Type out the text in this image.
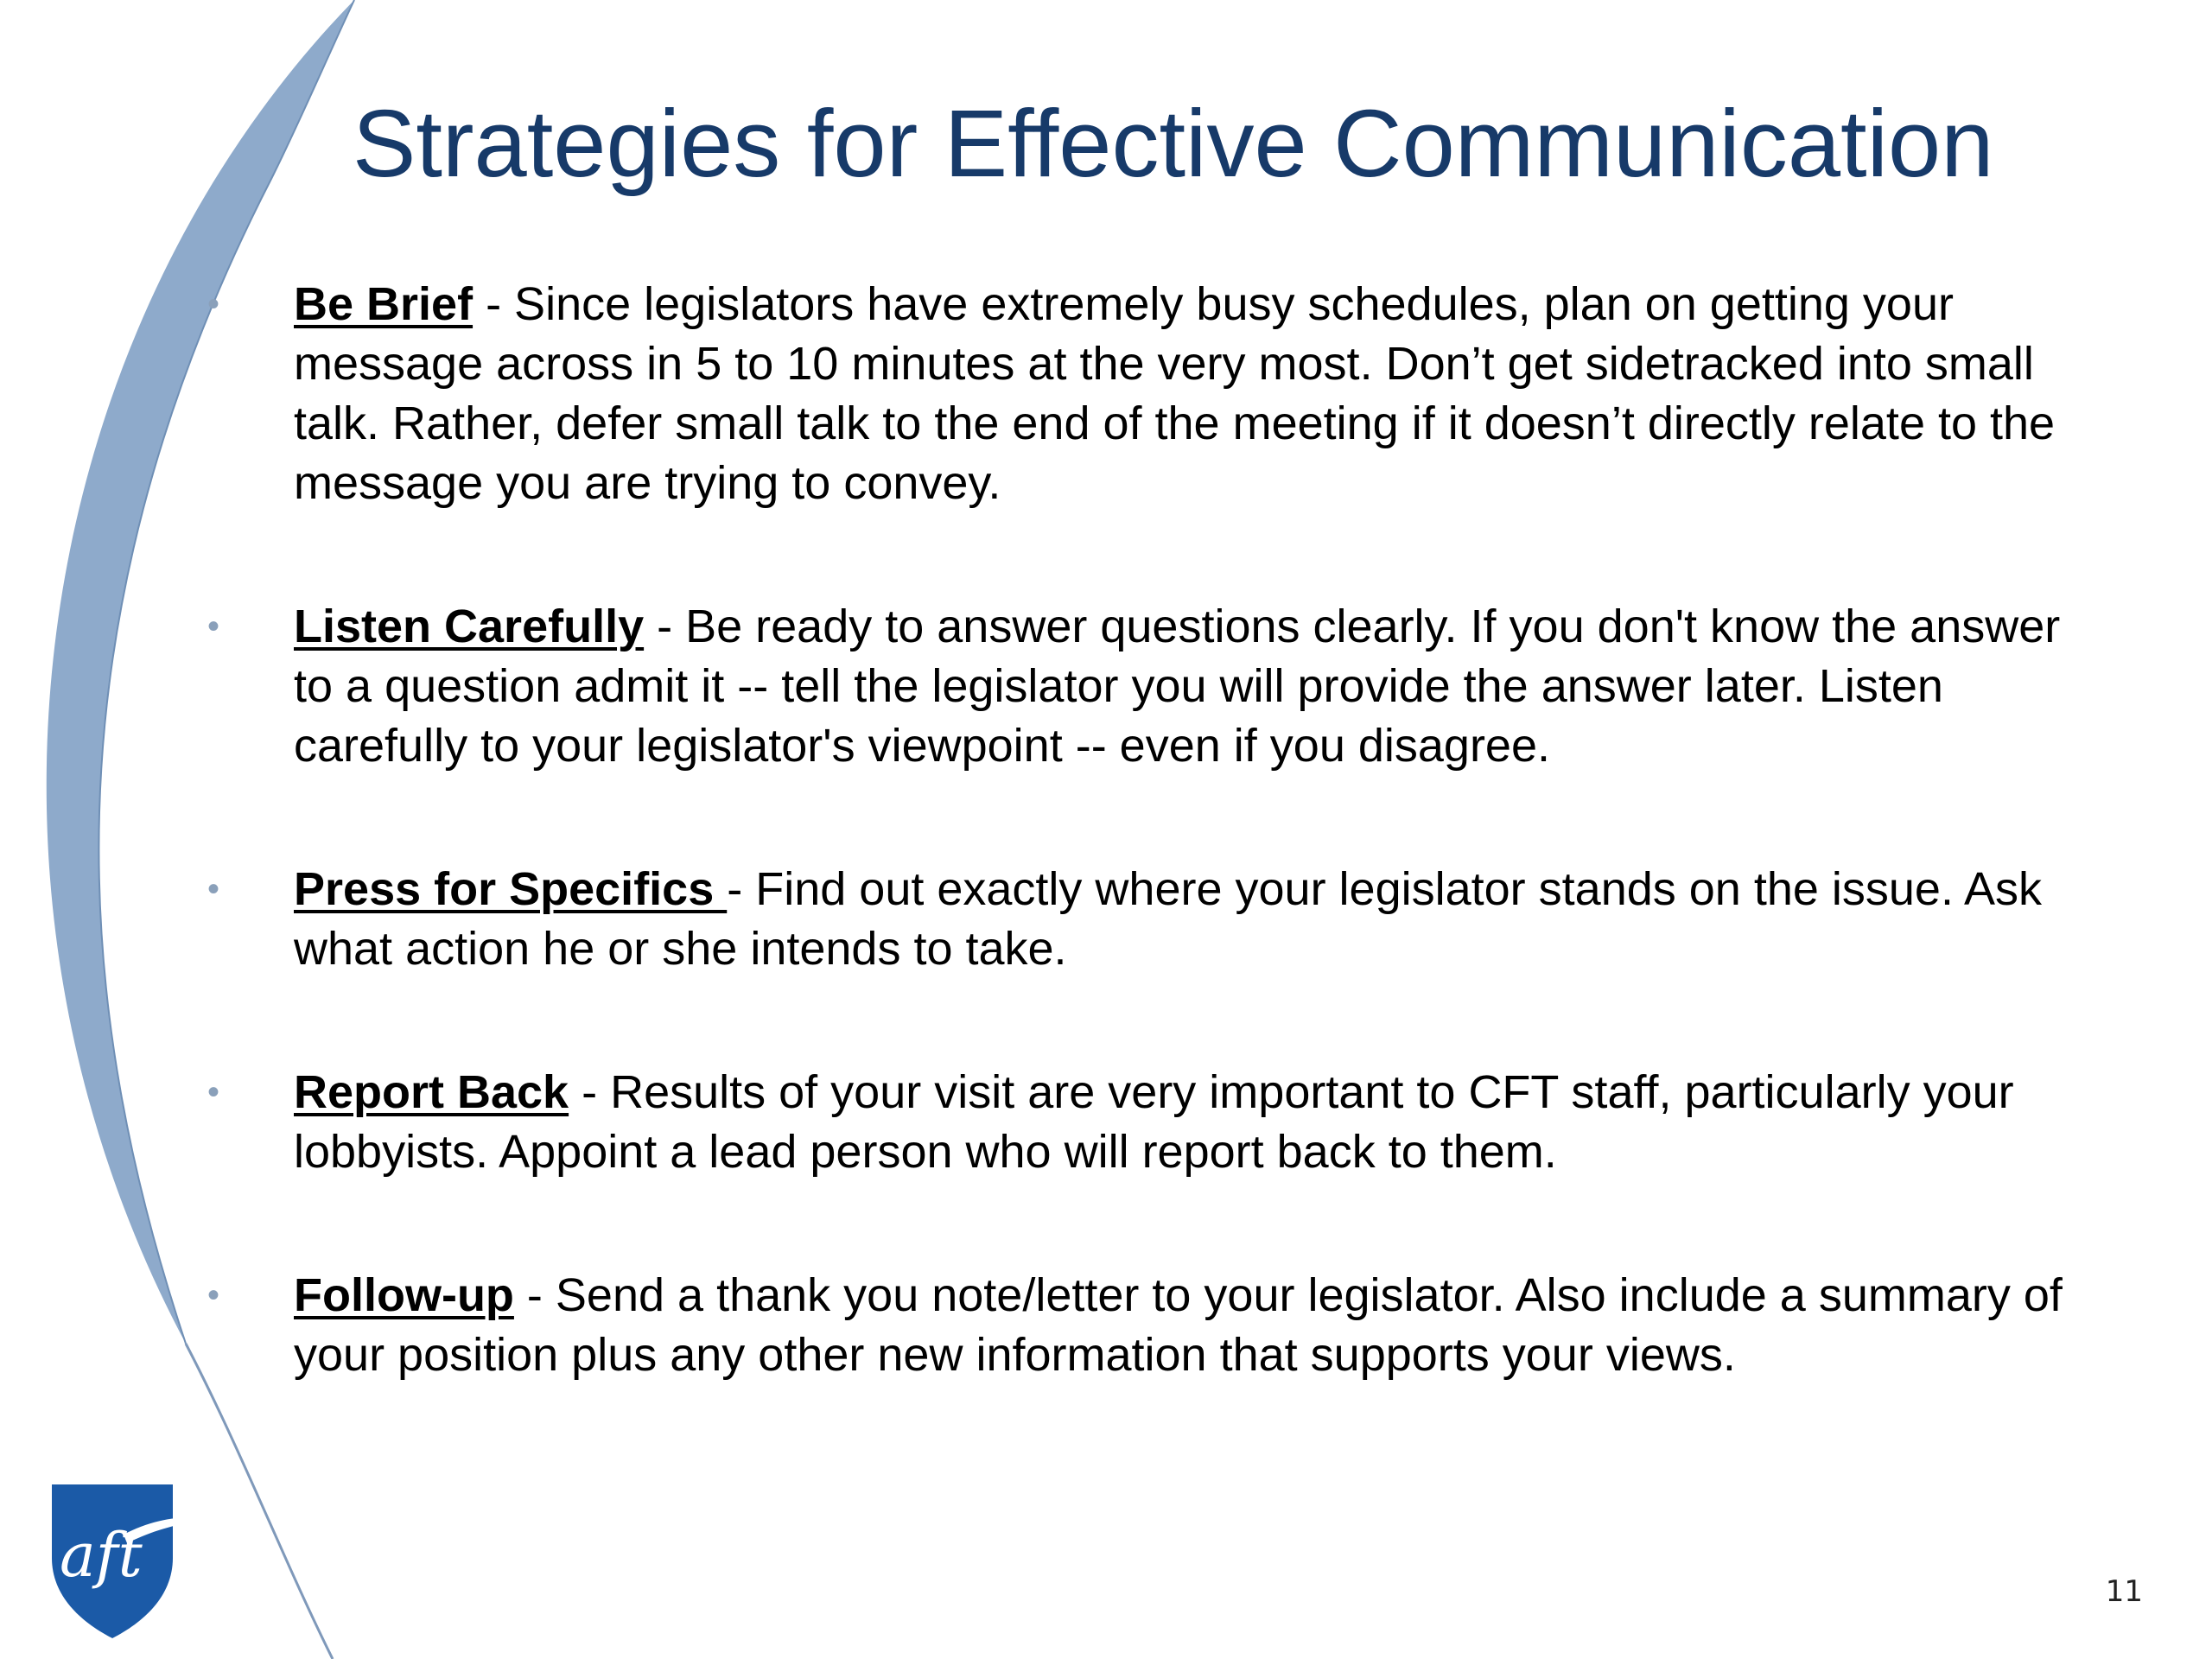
Strategies for Effective Communication
• Be Brief - Since legislators have extremely busy schedules, plan on getting your message across in 5 to 10 minutes at the very most. Don’t get sidetracked into small talk. Rather, defer small talk to the end of the meeting if it doesn’t directly relate to the message you are trying to convey.

• Listen Carefully - Be ready to answer questions clearly. If you don't know the answer to a question admit it -- tell the legislator you will provide the answer later. Listen carefully to your legislator's viewpoint -- even if you disagree.

• Press for Specifics - Find out exactly where your legislator stands on the issue. Ask what action he or she intends to take.

• Report Back - Results of your visit are very important to CFT staff, particularly your lobbyists. Appoint a lead person who will report back to them.

• Follow-up - Send a thank you note/letter to your legislator. Also include a summary of your position plus any other new information that supports your views.

aft
11
